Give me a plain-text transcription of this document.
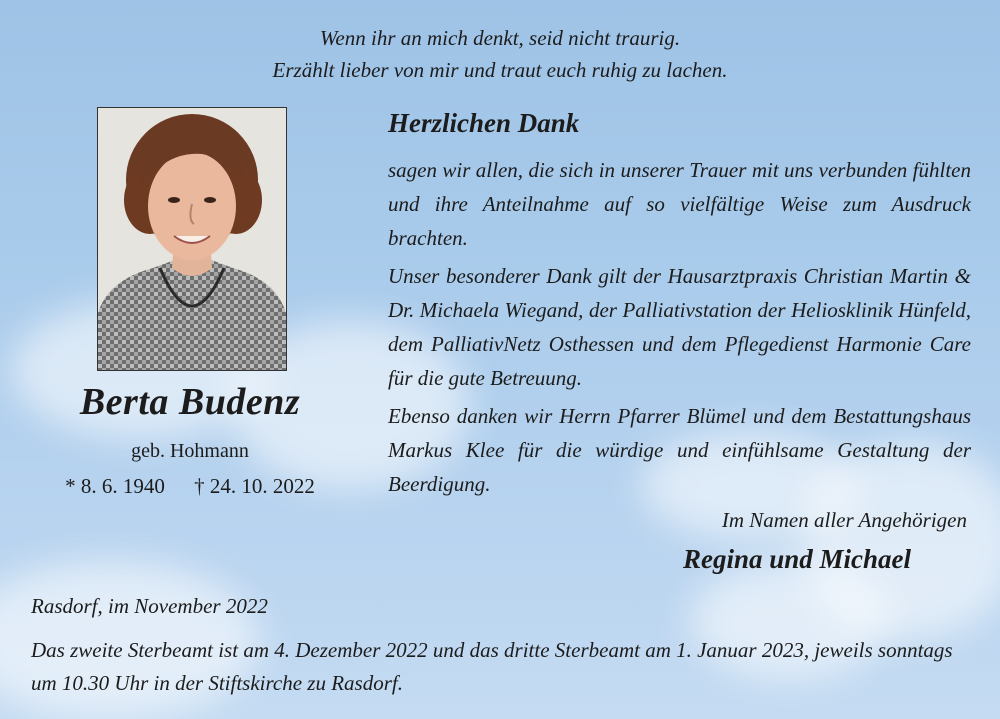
Wenn ihr an mich denkt, seid nicht traurig.
Erzählt lieber von mir und traut euch ruhig zu lachen.
Berta Budenz
geb. Hohmann
* 8. 6. 1940 † 24. 10. 2022
Herzlichen Dank

sagen wir allen, die sich in unserer Trauer mit uns verbunden fühlten und ihre Anteilnahme auf so vielfältige Weise zum Ausdruck brachten.

Unser besonderer Dank gilt der Hausarztpraxis Christian Martin & Dr. Michaela Wiegand, der Palliativstation der Heliosklinik Hünfeld, dem PalliativNetz Osthessen und dem Pflegedienst Harmonie Care für die gute Betreuung.

Ebenso danken wir Herrn Pfarrer Blümel und dem Bestattungshaus Markus Klee für die würdige und einfühlsame Gestaltung der Beerdigung.

Im Namen aller Angehörigen
Regina und Michael
Rasdorf, im November 2022

Das zweite Sterbeamt ist am 4. Dezember 2022 und das dritte Sterbeamt am 1. Januar 2023, jeweils sonntags um 10.30 Uhr in der Stiftskirche zu Rasdorf.
